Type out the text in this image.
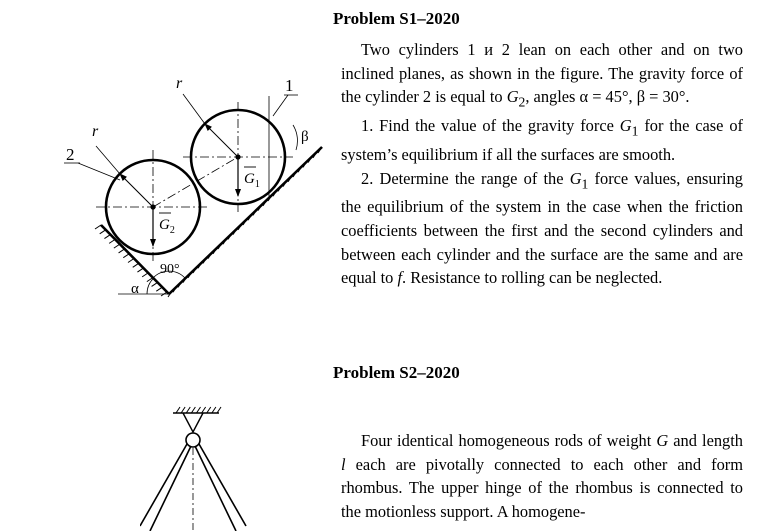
r
r
1
2
β
α
90°
$G_1$
$G_2$
Problem S1–2020

Two cylinders 1 и 2 lean on each other and on two inclined planes, as shown in the figure. The gravity force of the cylinder 2 is equal to $G_2$, angles α = 45°, β = 30°.

1. Find the value of the gravity force $G_1$ for the case of system’s equilibrium if all the surfaces are smooth.

2. Determine the range of the $G_1$ force values, ensuring the equilibrium of the system in the case when the friction coefficients between the first and the second cylinders and between each cylinder and the surface are the same and are equal to f. Resistance to rolling can be neglected.

Problem S2–2020

Four identical homogeneous rods of weight G and length l each are pivotally connected to each other and form rhombus. The upper hinge of the rhombus is connected to the motionless support. A homogene-
